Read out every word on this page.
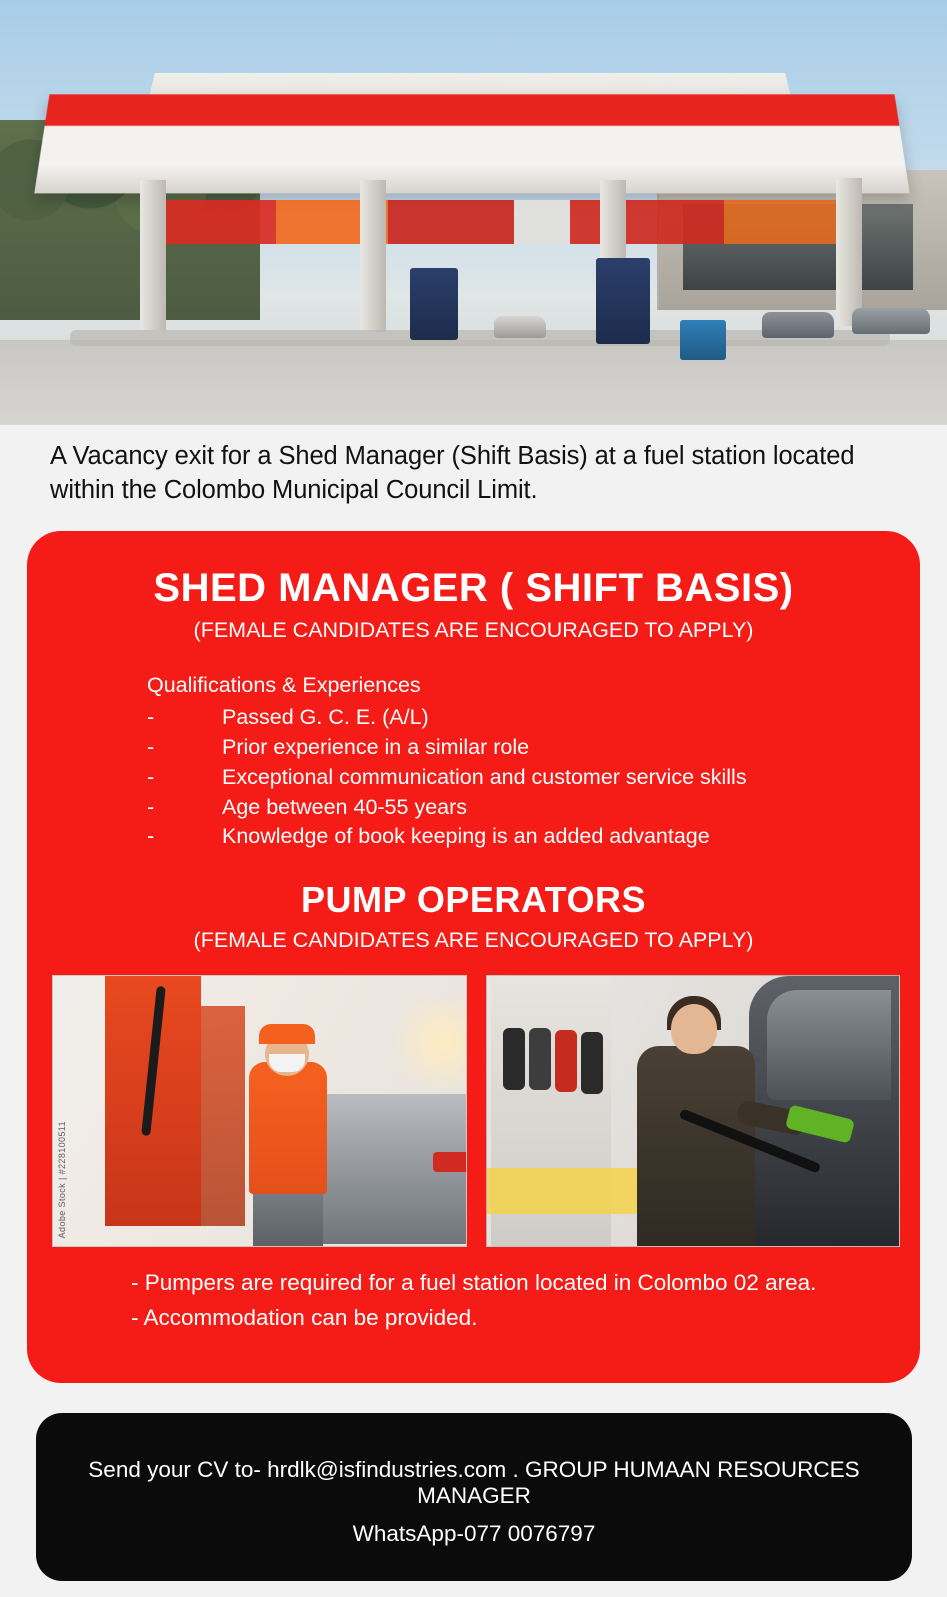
A Vacancy exit for a Shed Manager (Shift Basis) at a fuel station located within the Colombo Municipal Council Limit.
SHED MANAGER ( SHIFT BASIS)
(FEMALE CANDIDATES ARE ENCOURAGED TO APPLY)
Qualifications & Experiences
-	Passed G. C. E. (A/L)
-	Prior experience in a similar role
-	Exceptional communication and customer service skills
-	Age between 40-55 years
-	Knowledge of book keeping is an added advantage
PUMP OPERATORS
(FEMALE CANDIDATES ARE ENCOURAGED TO APPLY)
Adobe Stock | #228100511
- Pumpers are required for a fuel station located in Colombo 02 area.
- Accommodation can be provided.
Send your CV to- hrdlk@isfindustries.com . GROUP HUMAAN RESOURCES MANAGER
WhatsApp-077 0076797
